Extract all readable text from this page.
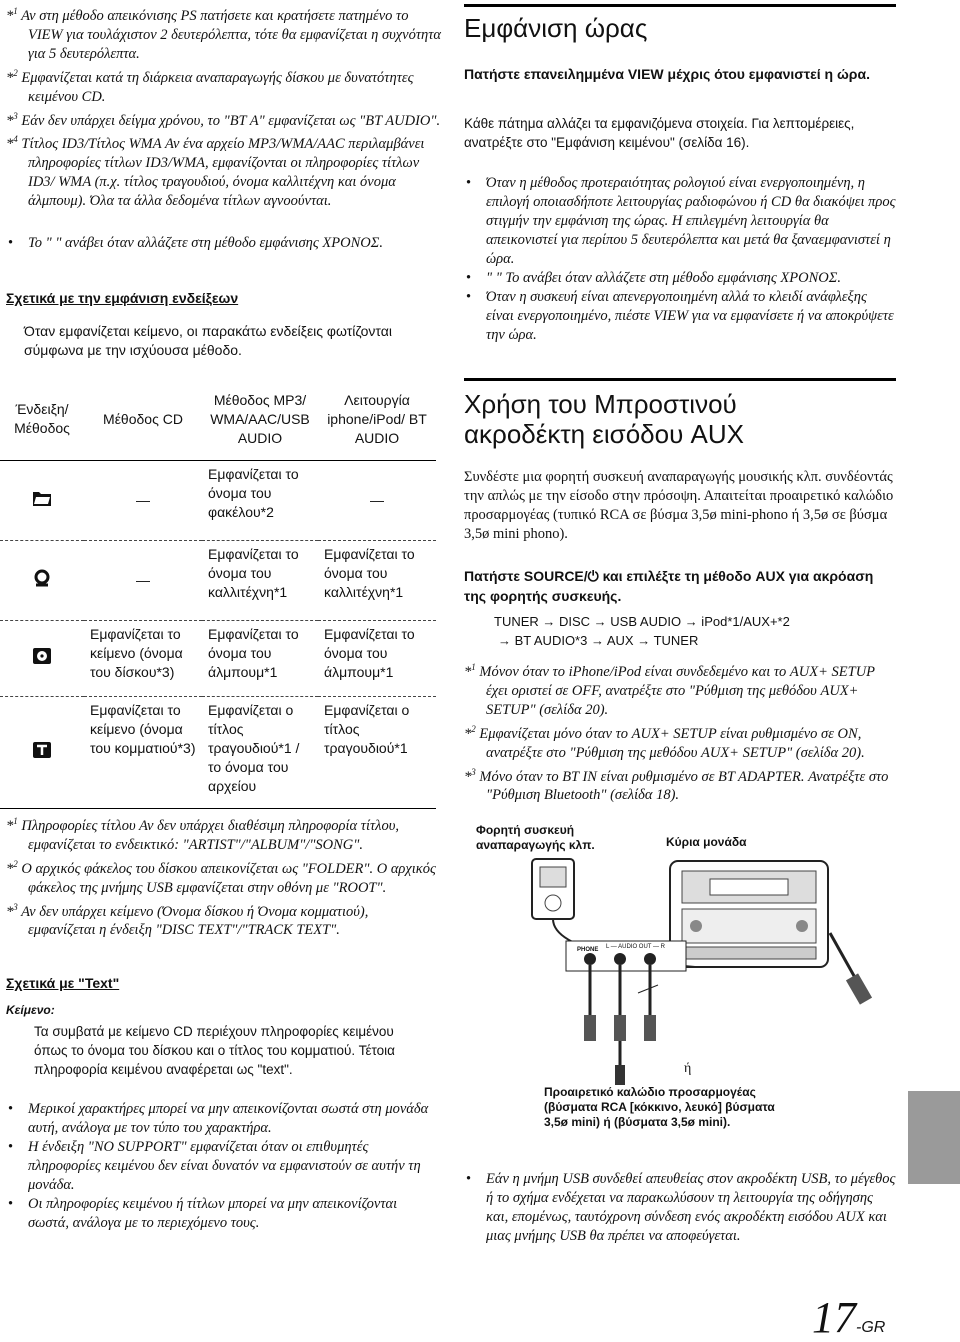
*$^1$ Αν στη μέθοδο απεικόνισης PS πατήσετε και κρατήσετε πατημένο το VIEW για τουλάχιστον 2 δευτερόλεπτα, τότε θα εμφανίζεται η συχνότητα για 5 δευτερόλεπτα.

*$^2$ Εμφανίζεται κατά τη διάρκεια αναπαραγωγής δίσκου με δυνατότητες κειμένου CD.

*$^3$ Εάν δεν υπάρχει δείγμα χρόνου, το "BT A" εμφανίζεται ως "BT AUDIO".

*$^4$ Τίτλος ID3/Τίτλος WMA Αν ένα αρχείο MP3/WMA/AAC περιλαμβάνει πληροφορίες τίτλων ID3/WMA, εμφανίζονται οι πληροφορίες τίτλων ID3/ WMA (π.χ. τίτλος τραγουδιού, όνομα καλλιτέχνη και όνομα άλμπουμ). Όλα τα άλλα δεδομένα τίτλων αγνοούνται.

• Το " " ανάβει όταν αλλάζετε στη μέθοδο εμφάνισης ΧΡΟΝΟΣ.

Σχετικά με την εμφάνιση ενδείξεων
Όταν εμφανίζεται κείμενο, οι παρακάτω ενδείξεις φωτίζονται σύμφωνα με την ισχύουσα μέθοδο.
Ένδειξη/ Μέθοδος	Μέθοδος CD	Μέθοδος MP3/ WMA/AAC/USB AUDIO	Λειτουργία iphone/iPod/ BT AUDIO
	—	Εμφανίζεται το όνομα του φακέλου*2	—
	—	Εμφανίζεται το όνομα του καλλιτέχνη*1	Εμφανίζεται το όνομα του καλλιτέχνη*1
	Εμφανίζεται το κείμενο (όνομα του δίσκου*3)	Εμφανίζεται το όνομα του άλμπουμ*1	Εμφανίζεται το όνομα του άλμπουμ*1
	Εμφανίζεται το κείμενο (όνομα του κομματιού*3)	Εμφανίζεται ο τίτλος τραγουδιού*1 / το όνομα του αρχείου	Εμφανίζεται ο τίτλος τραγουδιού*1

*$^1$ Πληροφορίες τίτλου Αν δεν υπάρχει διαθέσιμη πληροφορία τίτλου, εμφανίζεται το ενδεικτικό: "ARTIST"/"ALBUM"/"SONG".

*$^2$ Ο αρχικός φάκελος του δίσκου απεικονίζεται ως "FOLDER". Ο αρχικός φάκελος της μνήμης USB εμφανίζεται στην οθόνη με "ROOT".

*$^3$ Αν δεν υπάρχει κείμενο (Όνομα δίσκου ή Όνομα κομματιού), εμφανίζεται η ένδειξη "DISC TEXT"/"TRACK TEXT".

Σχετικά με "Text"
Κείμενο:
Τα συμβατά με κείμενο CD περιέχουν πληροφορίες κειμένου όπως το όνομα του δίσκου και ο τίτλος του κομματιού. Τέτοια πληροφορία κειμένου αναφέρεται ως "text".

• Μερικοί χαρακτήρες μπορεί να μην απεικονίζονται σωστά στη μονάδα αυτή, ανάλογα με τον τύπο του χαρακτήρα.

• Η ένδειξη "NO SUPPORT" εμφανίζεται όταν οι επιθυμητές πληροφορίες κειμένου δεν είναι δυνατόν να εμφανιστούν σε αυτήν τη μονάδα.

• Οι πληροφορίες κειμένου ή τίτλων μπορεί να μην απεικονίζονται σωστά, ανάλογα με το περιεχόμενο τους.

Εμφάνιση ώρας
Πατήστε επανειλημμένα VIEW μέχρις ότου εμφανιστεί η ώρα.
Κάθε πάτημα αλλάζει τα εμφανιζόμενα στοιχεία. Για λεπτομέρειες, ανατρέξτε στο "Εμφάνιση κειμένου" (σελίδα 16).

• Όταν η μέθοδος προτεραιότητας ρολογιού είναι ενεργοποιημένη, η επιλογή οποιασδήποτε λειτουργίας ραδιοφώνου ή CD θα διακόψει προς στιγμήν την εμφάνιση της ώρας. Η επιλεγμένη λειτουργία θα απεικονιστεί για περίπου 5 δευτερόλεπτα και μετά θα ξαναεμφανιστεί η ώρα.

• " " Το ανάβει όταν αλλάζετε στη μέθοδο εμφάνισης ΧΡΟΝΟΣ.

• Όταν η συσκευή είναι απενεργοποιημένη αλλά το κλειδί ανάφλεξης είναι ενεργοποιημένο, πιέστε VIEW για να εμφανίσετε ή να αποκρύψετε την ώρα.

Χρήση του Μπροστινού
ακροδέκτη εισόδου AUX
Συνδέστε μια φορητή συσκευή αναπαραγωγής μουσικής κλπ. συνδέοντάς την απλώς με την είσοδο στην πρόσοψη. Απαιτείται προαιρετικό καλώδιο προσαρμογέας (τυπικό RCA σε βύσμα 3,5ø mini-phono ή 3,5ø σε βύσμα 3,5ø mini phono).
Πατήστε SOURCE/⏻ και επιλέξτε τη μέθοδο AUX για ακρόαση της φορητής συσκευής.
TUNER → DISC → USB AUDIO → iPod*1/AUX+*2
→ BT AUDIO*3 → AUX → TUNER

*$^1$ Μόνον όταν το iPhone/iPod είναι συνδεδεμένο και το AUX+ SETUP έχει οριστεί σε OFF, ανατρέξτε στο "Ρύθμιση της μεθόδου AUX+ SETUP" (σελίδα 20).

*$^2$ Εμφανίζεται μόνο όταν το AUX+ SETUP είναι ρυθμισμένο σε ON, ανατρέξτε στο "Ρύθμιση της μεθόδου AUX+ SETUP" (σελίδα 20).

*$^3$ Μόνο όταν το BT IN είναι ρυθμισμένο σε BT ADAPTER. Ανατρέξτε στο "Ρύθμιση Bluetooth" (σελίδα 18).

Φορητή συσκευή αναπαραγωγής κλπ.	Κύρια μονάδα
PHONE L — AUDIO OUT — R
ή
Προαιρετικό καλώδιο προσαρμογέας (βύσματα RCA [κόκκινο, λευκό] βύσματα 3,5ø mini) ή (βύσματα 3,5ø mini).

• Εάν η μνήμη USB συνδεθεί απευθείας στον ακροδέκτη USB, το μέγεθος ή το σχήμα ενδέχεται να παρακωλύσουν τη λειτουργία της οδήγησης και, επομένως, ταυτόχρονη σύνδεση ενός ακροδέκτη εισόδου AUX και μιας μνήμης USB θα πρέπει να αποφεύγεται.

17-GR
